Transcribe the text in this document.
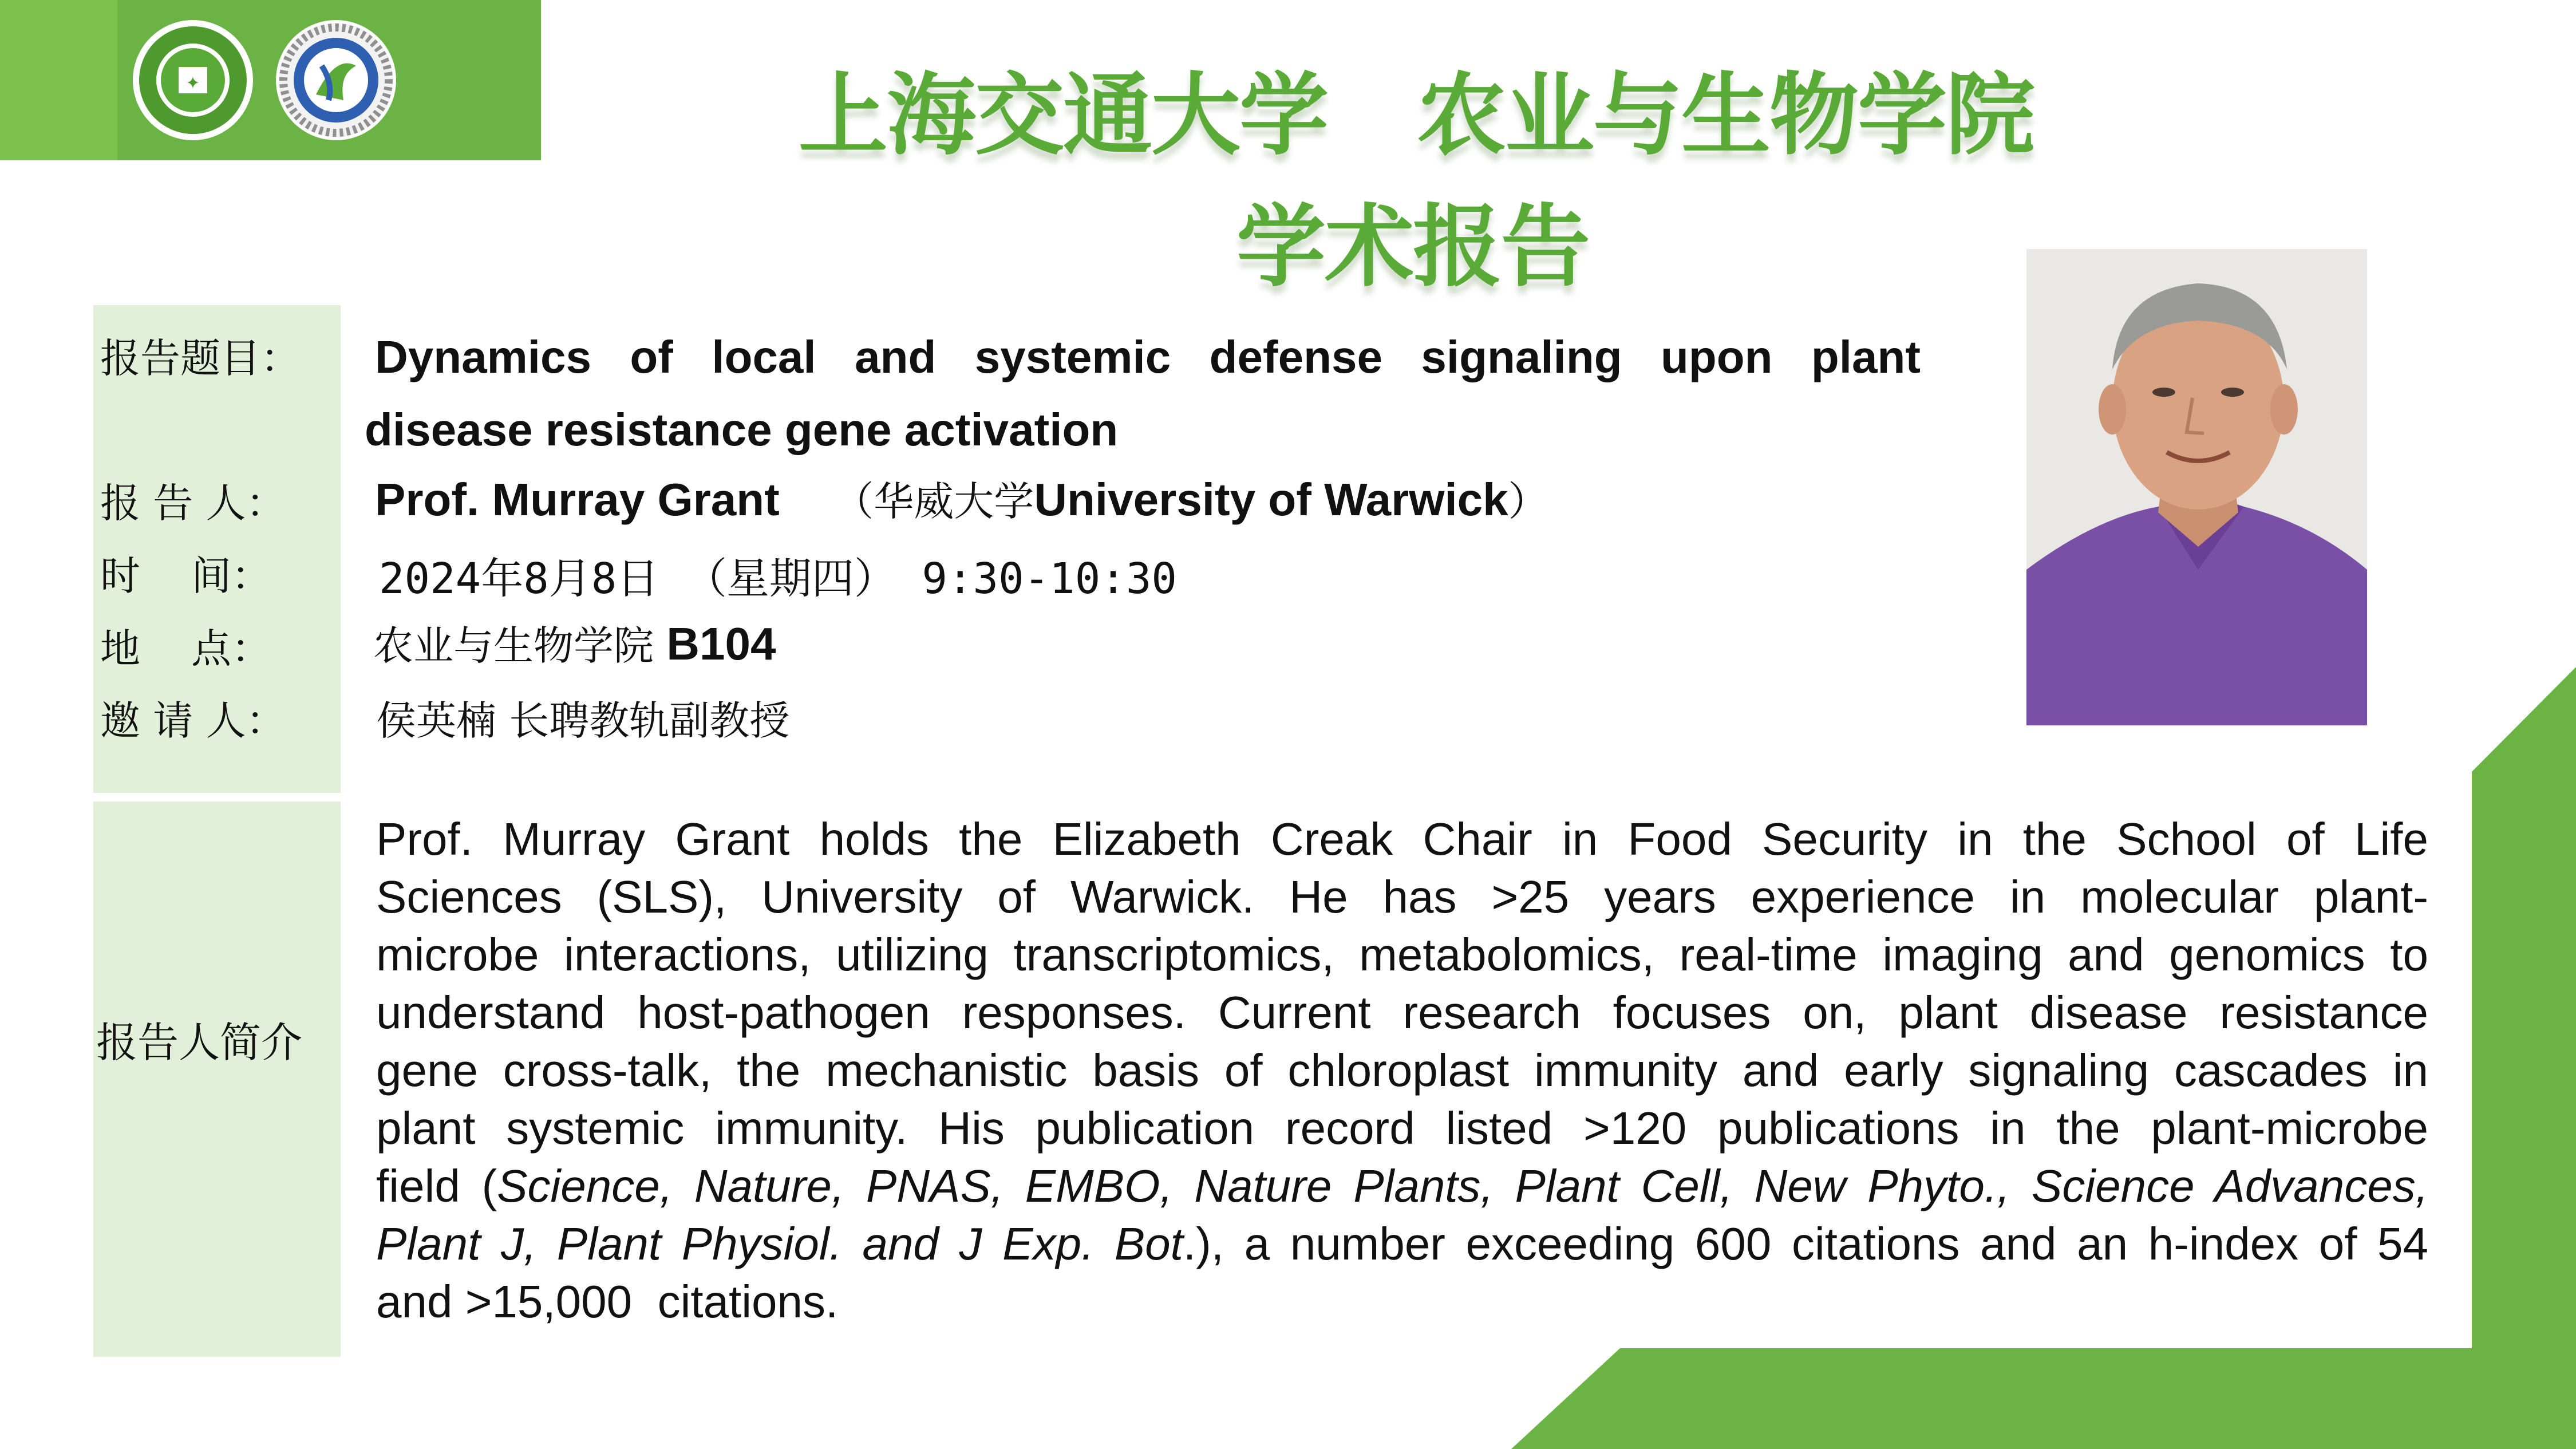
✦	上海交通大学 农业与生物学院
学术报告
报告题目：
报 告 人：
时    间：
地    点：
邀 请 人：
报告人简介
Dynamics of local and systemic defense signaling upon plant
disease resistance gene activation
Prof. Murray Grant （华威大学University of Warwick）
2024年8月8日 （星期四） 9:30-10:30
农业与生物学院 B104
侯英楠 长聘教轨副教授
Prof. Murray Grant holds the Elizabeth Creak Chair in Food Security in the School of Life
Sciences (SLS), University of Warwick. He has >25 years experience in molecular plant-
microbe interactions, utilizing transcriptomics, metabolomics, real-time imaging and genomics to
understand host-pathogen responses. Current research focuses on, plant disease resistance
gene cross-talk, the mechanistic basis of chloroplast immunity and early signaling cascades in
plant systemic immunity. His publication record listed >120 publications in the plant-microbe
field (Science, Nature, PNAS, EMBO, Nature Plants, Plant Cell, New Phyto., Science Advances,
Plant J, Plant Physiol. and J Exp. Bot.), a number exceeding 600 citations and an h-index of 54
and >15,000  citations.
